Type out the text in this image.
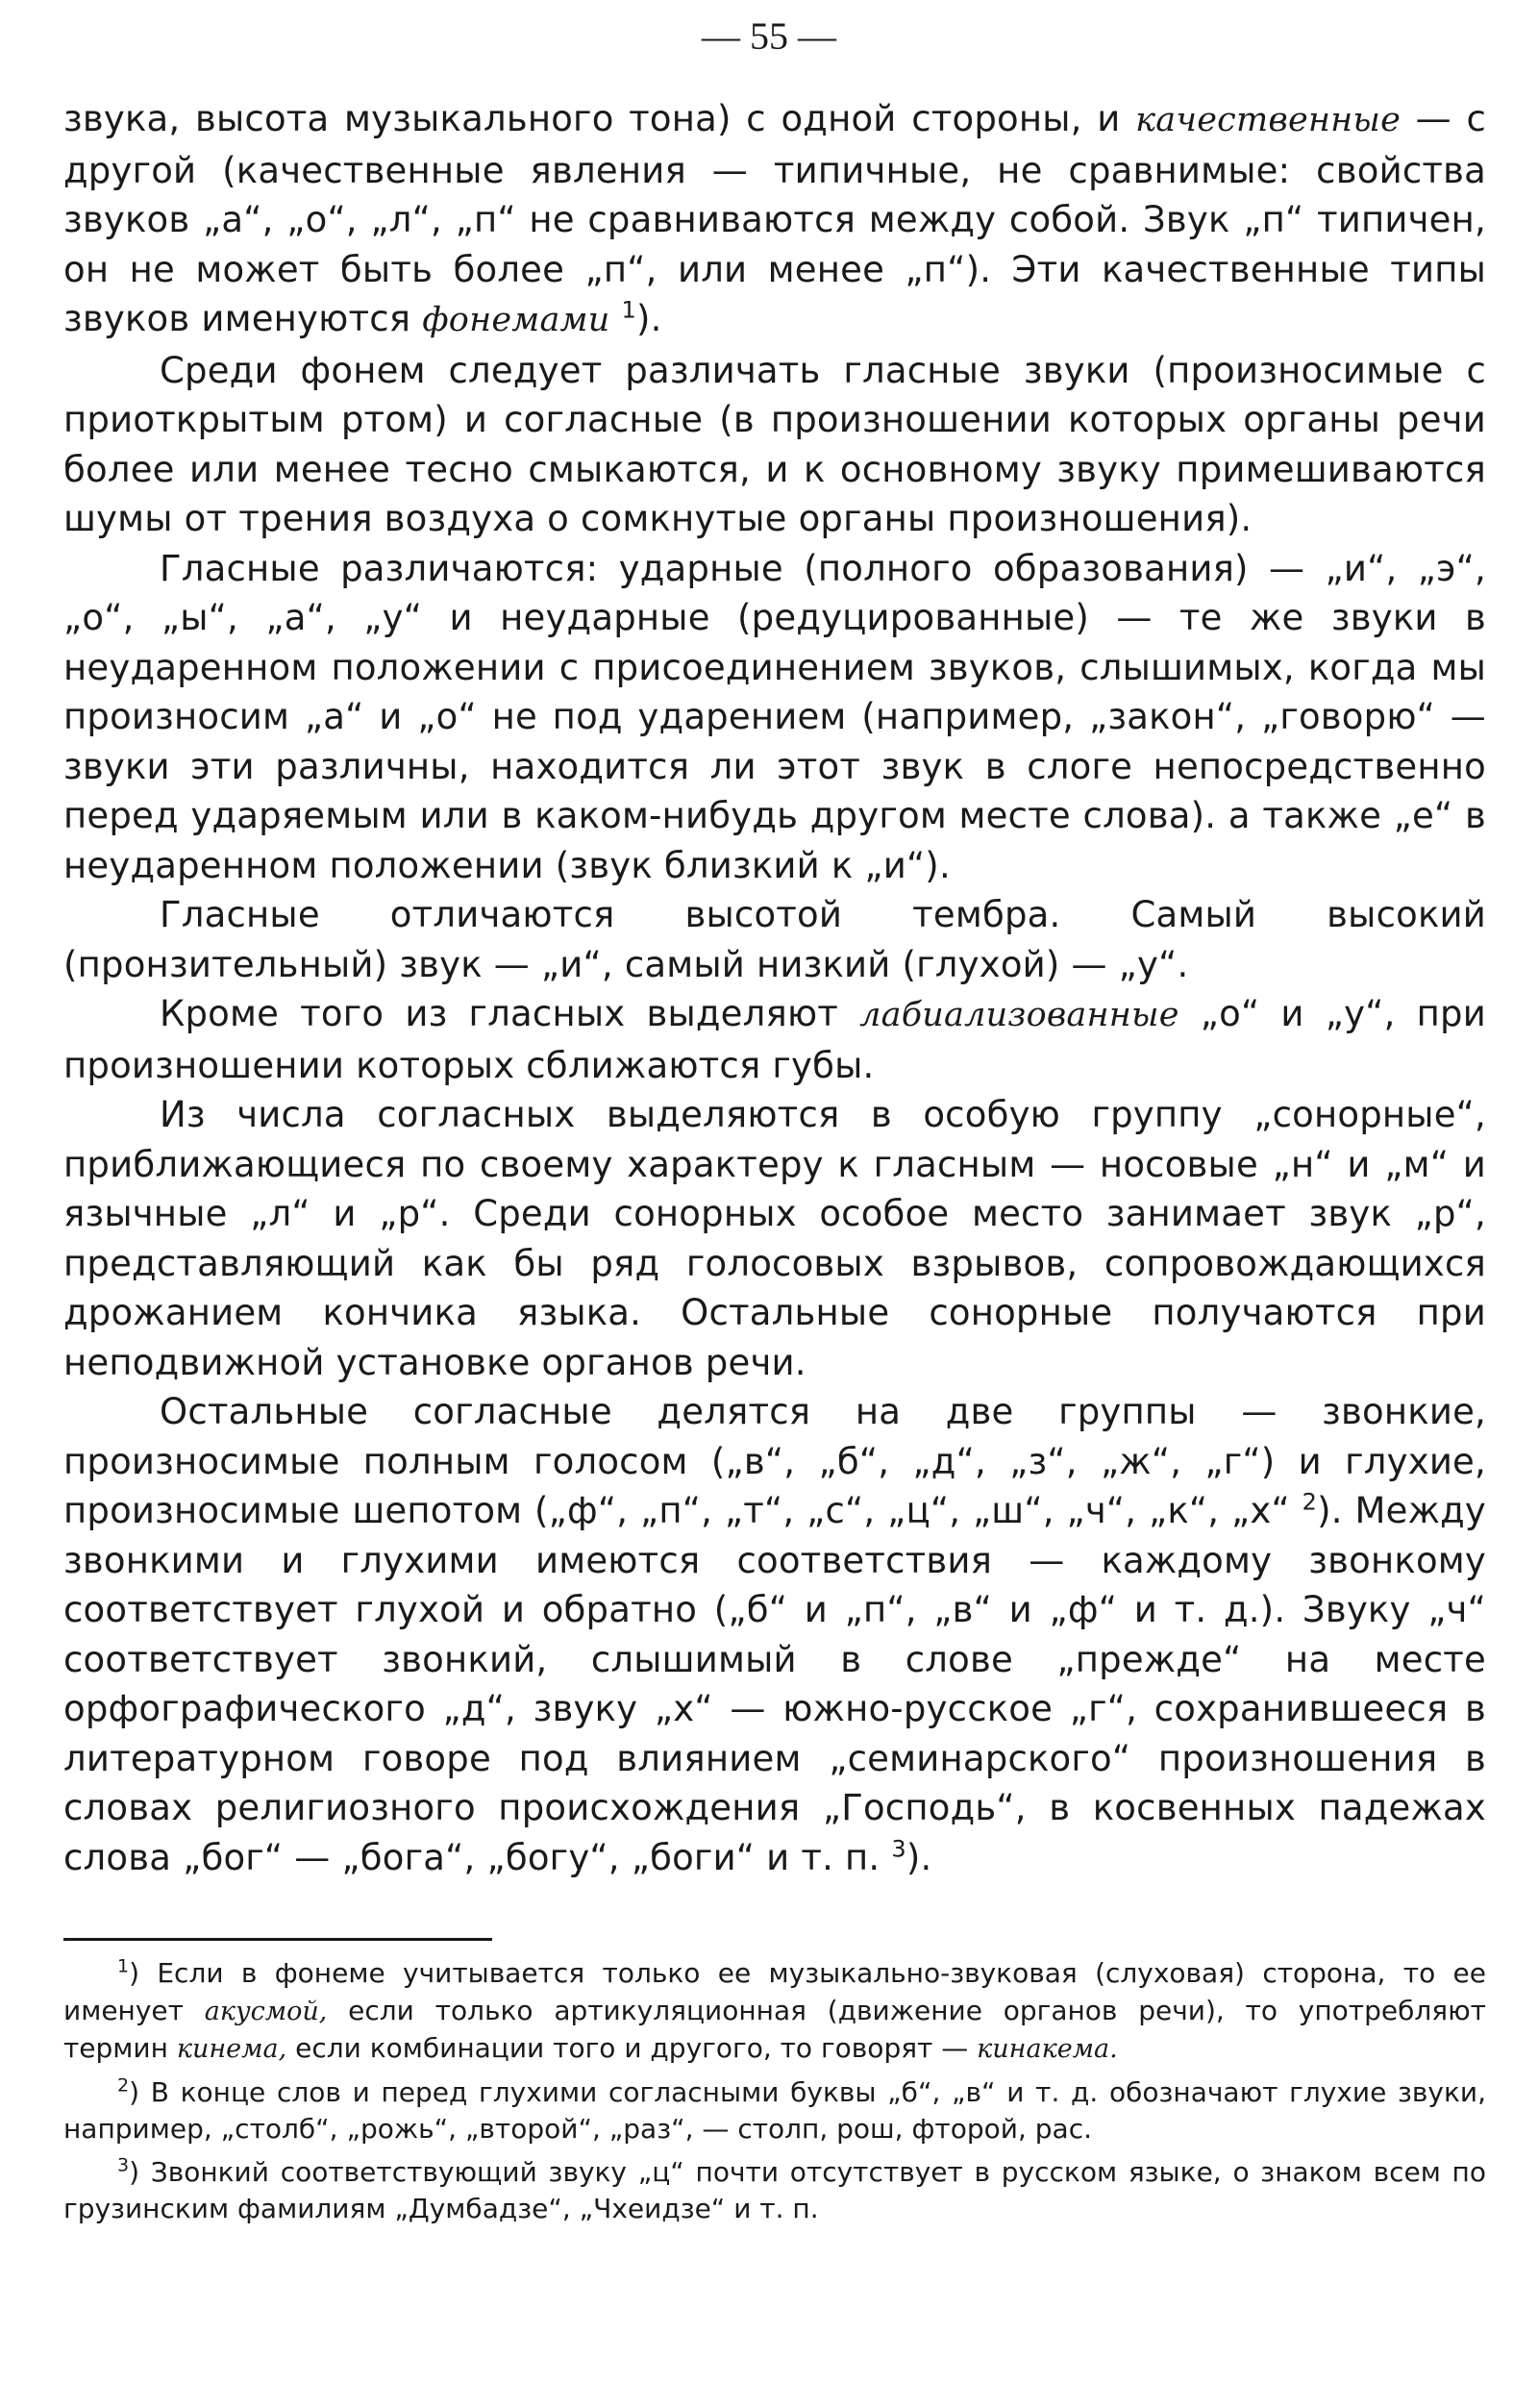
— 55 —

звука, высота музыкального тона) с одной стороны, и качественные — с другой (качественные явления — типичные, не сравнимые: свойства звуков „а“, „о“, „л“, „п“ не сравниваются между собой. Звук „п“ типичен, он не может быть более „п“, или менее „п“). Эти качественные типы звуков именуются фонемами $^1$).

Среди фонем следует различать гласные звуки (произносимые с приоткрытым ртом) и согласные (в произношении которых органы речи более или менее тесно смыкаются, и к основному звуку примешиваются шумы от трения воздуха о сомкнутые органы произношения).

Гласные различаются: ударные (полного образования) — „и“, „э“, „о“, „ы“, „а“, „у“ и неударные (редуцированные) — те же звуки в неударенном положении с присоединением звуков, слышимых, когда мы произносим „а“ и „о“ не под ударением (например, „закон“, „говорю“ — звуки эти различны, находится ли этот звук в слоге непосредственно перед ударяемым или в каком-нибудь другом месте слова). а также „е“ в неударенном положении (звук близкий к „и“).

Гласные отличаются высотой тембра. Самый высокий (пронзительный) звук — „и“, самый низкий (глухой) — „у“.

Кроме того из гласных выделяют лабиализованные „о“ и „у“, при произношении которых сближаются губы.

Из числа согласных выделяются в особую группу „сонорные“, приближающиеся по своему характеру к гласным — носовые „н“ и „м“ и язычные „л“ и „р“. Среди сонорных особое место занимает звук „р“, представляющий как бы ряд голосовых взрывов, сопровождающихся дрожанием кончика языка. Остальные сонорные получаются при неподвижной установке органов речи.

Остальные согласные делятся на две группы — звонкие, произносимые полным голосом („в“, „б“, „д“, „з“, „ж“, „г“) и глухие, произносимые шепотом („ф“, „п“, „т“, „с“, „ц“, „ш“, „ч“, „к“, „х“ $^2$). Между звонкими и глухими имеются соответствия — каждому звонкому соответствует глухой и обратно („б“ и „п“, „в“ и „ф“ и т. д.). Звуку „ч“ соответствует звонкий, слышимый в слове „прежде“ на месте орфографического „д“, звуку „х“ — южно-русское „г“, сохранившееся в литературном говоре под влиянием „семинарского“ произношения в словах религиозного происхождения „Господь“, в косвенных падежах слова „бог“ — „бога“, „богу“, „боги“ и т. п. $^3$).

$^1$) Если в фонеме учитывается только ее музыкально-звуковая (слуховая) сторона, то ее именует акусмой, если только артикуляционная (движение органов речи), то употребляют термин кинема, если комбинации того и другого, то говорят — кинакема.

$^2$) В конце слов и перед глухими согласными буквы „б“, „в“ и т. д. обозначают глухие звуки, например, „столб“, „рожь“, „второй“, „раз“, — столп, рош, фторой, рас.

$^3$) Звонкий соответствующий звуку „ц“ почти отсутствует в русском языке, о знаком всем по грузинским фамилиям „Думбадзе“, „Чхеидзе“ и т. п.
